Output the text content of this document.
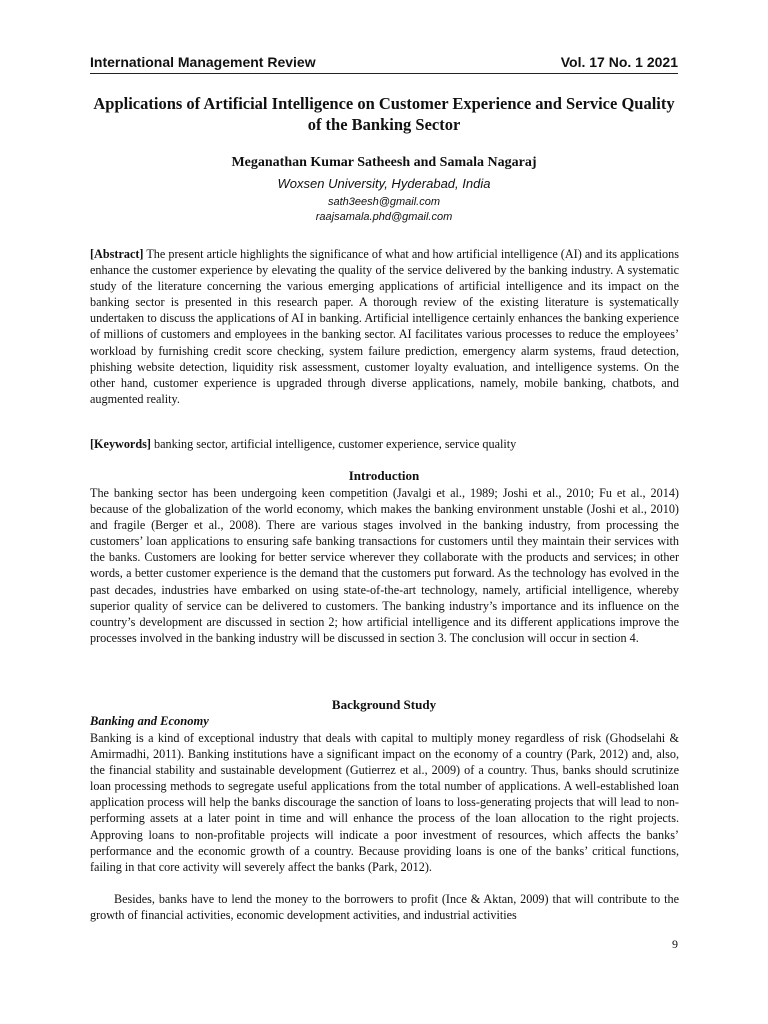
International Management Review	Vol. 17 No. 1 2021
Applications of Artificial Intelligence on Customer Experience and Service Quality of the Banking Sector
Meganathan Kumar Satheesh and Samala Nagaraj
Woxsen University, Hyderabad, India
sath3eesh@gmail.com
raajsamala.phd@gmail.com

[Abstract] The present article highlights the significance of what and how artificial intelligence (AI) and its applications enhance the customer experience by elevating the quality of the service delivered by the banking industry. A systematic study of the literature concerning the various emerging applications of artificial intelligence and its impact on the banking sector is presented in this research paper. A thorough review of the existing literature is systematically undertaken to discuss the applications of AI in banking. Artificial intelligence certainly enhances the banking experience of millions of customers and employees in the banking sector. AI facilitates various processes to reduce the employees’ workload by furnishing credit score checking, system failure prediction, emergency alarm systems, fraud detection, phishing website detection, liquidity risk assessment, customer loyalty evaluation, and intelligence systems. On the other hand, customer experience is upgraded through diverse applications, namely, mobile banking, chatbots, and augmented reality.

[Keywords] banking sector, artificial intelligence, customer experience, service quality

Introduction

The banking sector has been undergoing keen competition (Javalgi et al., 1989; Joshi et al., 2010; Fu et al., 2014) because of the globalization of the world economy, which makes the banking environment unstable (Joshi et al., 2010) and fragile (Berger et al., 2008). There are various stages involved in the banking industry, from processing the customers’ loan applications to ensuring safe banking transactions for customers until they maintain their services with the banks. Customers are looking for better service wherever they collaborate with the products and services; in other words, a better customer experience is the demand that the customers put forward. As the technology has evolved in the past decades, industries have embarked on using state-of-the-art technology, namely, artificial intelligence, whereby superior quality of service can be delivered to customers. The banking industry’s importance and its influence on the country’s development are discussed in section 2; how artificial intelligence and its different applications improve the processes involved in the banking industry will be discussed in section 3. The conclusion will occur in section 4.

Background Study
Banking and Economy

Banking is a kind of exceptional industry that deals with capital to multiply money regardless of risk (Ghodselahi & Amirmadhi, 2011). Banking institutions have a significant impact on the economy of a country (Park, 2012) and, also, the financial stability and sustainable development (Gutierrez et al., 2009) of a country. Thus, banks should scrutinize loan processing methods to segregate useful applications from the total number of applications. A well-established loan application process will help the banks discourage the sanction of loans to loss-generating projects that will lead to non-performing assets at a later point in time and will enhance the process of the loan allocation to the right projects. Approving loans to non-profitable projects will indicate a poor investment of resources, which affects the banks’ performance and the economic growth of a country. Because providing loans is one of the banks’ critical functions, failing in that core activity will severely affect the banks (Park, 2012).

Besides, banks have to lend the money to the borrowers to profit (Ince & Aktan, 2009) that will contribute to the growth of financial activities, economic development activities, and industrial activities

9
